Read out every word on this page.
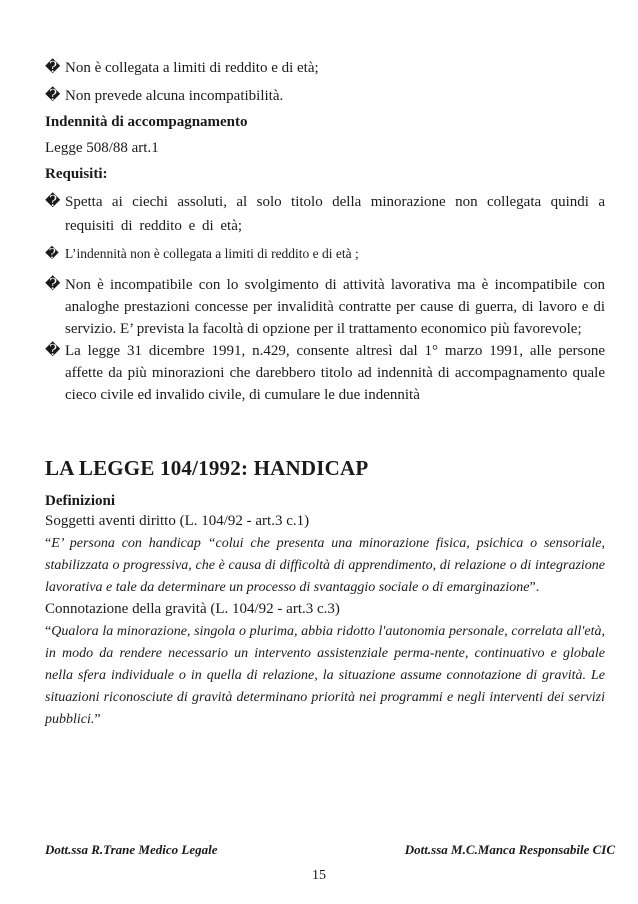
� Non è collegata a limiti di reddito e di età;
� Non prevede alcuna incompatibilità.

Indennità di accompagnamento

Legge 508/88 art.1

Requisiti:

� Spetta ai ciechi assoluti, al solo titolo della minorazione non collegata quindi a requisiti di reddito e di età;
� L’indennità non è collegata a limiti di reddito e di età ;
� Non è incompatibile con lo svolgimento di attività lavorativa ma è incompatibile con analoghe prestazioni concesse per invalidità contratte per cause di guerra, di lavoro e di servizio. E’ prevista la facoltà di opzione per il trattamento economico più favorevole;
� La legge 31 dicembre 1991, n.429, consente altresì dal 1° marzo 1991, alle persone affette da più minorazioni che darebbero titolo ad indennità di accompagnamento quale cieco civile ed invalido civile, di cumulare le due indennità

LA LEGGE 104/1992: HANDICAP

Definizioni

Soggetti aventi diritto (L. 104/92 - art.3 c.1)

“E’ persona con handicap “colui che presenta una minorazione fisica, psichica o sensoriale, stabilizzata o progressiva, che è causa di difficoltà di apprendimento, di relazione o di integrazione lavorativa e tale da determinare un processo di svantaggio sociale o di emarginazione”.

Connotazione della gravità (L. 104/92 - art.3 c.3)

“Qualora la minorazione, singola o plurima, abbia ridotto l'autonomia personale, correlata all'età, in modo da rendere necessario un intervento assistenziale perma-nente, continuativo e globale nella sfera individuale o in quella di relazione, la situazione assume connotazione di gravità. Le situazioni riconosciute di gravità determinano priorità nei programmi e negli interventi dei servizi pubblici.”

Dott.ssa R.Trane Medico Legale	Dott.ssa M.C.Manca Responsabile CIC
15
